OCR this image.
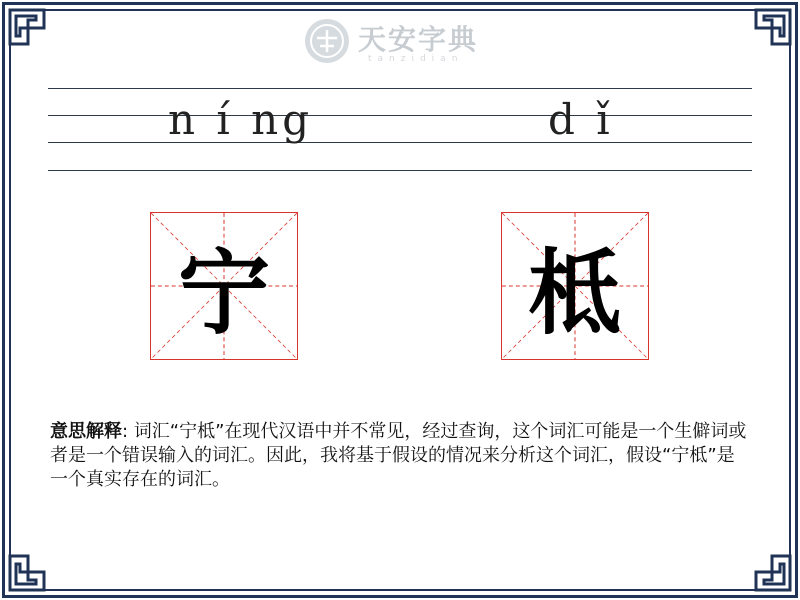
天安字典
tanzidian
n í ng	d ǐ
宁	柢
意思解释: 词汇“宁柢”在现代汉语中并不常见，经过查询，这个词汇可能是一个生僻词或者是一个错误输入的词汇。因此，我将基于假设的情况来分析这个词汇，假设“宁柢”是一个真实存在的词汇。
